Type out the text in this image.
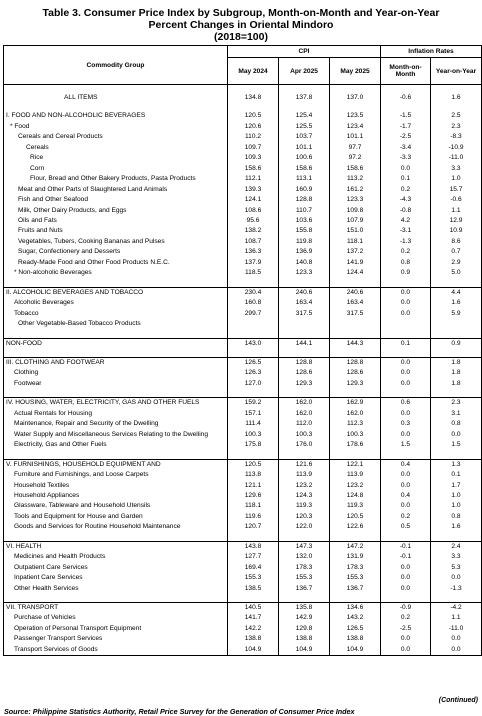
Table 3. Consumer Price Index by Subgroup, Month-on-Month and Year-on-Year
Percent Changes in Oriental Mindoro
(2018=100)
Commodity Group	CPI			Inflation Rates	
	May 2024	Apr 2025	May 2025	Month-on-Month	Year-on-Year

ALL ITEMS	134.8	137.8	137.0	-0.6	1.6

I. FOOD AND NON-ALCOHOLIC BEVERAGES	120.5	125.4	123.5	-1.5	2.5
* Food	120.6	125.5	123.4	-1.7	2.3
Cereals and Cereal Products	110.2	103.7	101.1	-2.5	-8.3
Cereals	109.7	101.1	97.7	-3.4	-10.9
Rice	109.3	100.6	97.2	-3.3	-11.0
Corn	158.6	158.6	158.6	0.0	3.3
Flour, Bread and Other Bakery Products, Pasta Products	112.1	113.1	113.2	0.1	1.0
Meat and Other Parts of Slaughtered Land Animals	139.3	160.9	161.2	0.2	15.7
Fish and Other Seafood	124.1	128.8	123.3	-4.3	-0.6
Milk, Other Dairy Products, and Eggs	108.6	110.7	109.8	-0.8	1.1
Oils and Fats	95.6	103.6	107.9	4.2	12.9
Fruits and Nuts	138.2	155.8	151.0	-3.1	10.9
Vegetables, Tubers, Cooking Bananas and Pulses	108.7	119.8	118.1	-1.3	8.6
Sugar, Confectionery and Desserts	136.3	136.9	137.2	0.2	0.7
Ready-Made Food and Other Food Products N.E.C.	137.9	140.8	141.9	0.8	2.9
* Non-alcoholic Beverages	118.5	123.3	124.4	0.9	5.0

II. ALCOHOLIC BEVERAGES AND TOBACCO	230.4	240.6	240.6	0.0	4.4
Alcoholic Beverages	160.8	163.4	163.4	0.0	1.6
Tobacco	299.7	317.5	317.5	0.0	5.9
Other Vegetable-Based Tobacco Products					

NON-FOOD	143.0	144.1	144.3	0.1	0.9

III. CLOTHING AND FOOTWEAR	126.5	128.8	128.8	0.0	1.8
Clothing	126.3	128.6	128.6	0.0	1.8
Footwear	127.0	129.3	129.3	0.0	1.8

IV. HOUSING, WATER, ELECTRICITY, GAS AND OTHER FUELS	159.2	162.0	162.9	0.6	2.3
Actual Rentals for Housing	157.1	162.0	162.0	0.0	3.1
Maintenance, Repair and Security of the Dwelling	111.4	112.0	112.3	0.3	0.8
Water Supply and Miscellaneous Services Relating to the Dwelling	100.3	100.3	100.3	0.0	0.0
Electricity, Gas and Other Fuels	175.8	176.0	178.6	1.5	1.5

V. FURNISHINGS, HOUSEHOLD EQUIPMENT AND	120.5	121.6	122.1	0.4	1.3
Furniture and Furnishings, and Loose Carpets	113.8	113.9	113.9	0.0	0.1
Household Textiles	121.1	123.2	123.2	0.0	1.7
Household Appliances	129.6	124.3	124.8	0.4	1.0
Glassware, Tableware and Household Utensils	118.1	119.3	119.3	0.0	1.0
Tools and Equipment for House and Garden	119.6	120.3	120.5	0.2	0.8
Goods and Services for Routine Household Maintenance	120.7	122.0	122.6	0.5	1.6

VI. HEALTH	143.8	147.3	147.2	-0.1	2.4
Medicines and Health Products	127.7	132.0	131.9	-0.1	3.3
Outpatient Care Services	169.4	178.3	178.3	0.0	5.3
Inpatient Care Services	155.3	155.3	155.3	0.0	0.0
Other Health Services	138.5	136.7	136.7	0.0	-1.3

VII. TRANSPORT	140.5	135.8	134.6	-0.9	-4.2
Purchase of Vehicles	141.7	142.9	143.2	0.2	1.1
Operation of Personal Transport Equipment	142.2	129.8	126.5	-2.5	-11.0
Passenger Transport Services	138.8	138.8	138.8	0.0	0.0
Transport Services of Goods	104.9	104.9	104.9	0.0	0.0
(Continued)
Source: Philippine Statistics Authority, Retail Price Survey for the Generation of Consumer Price Index
